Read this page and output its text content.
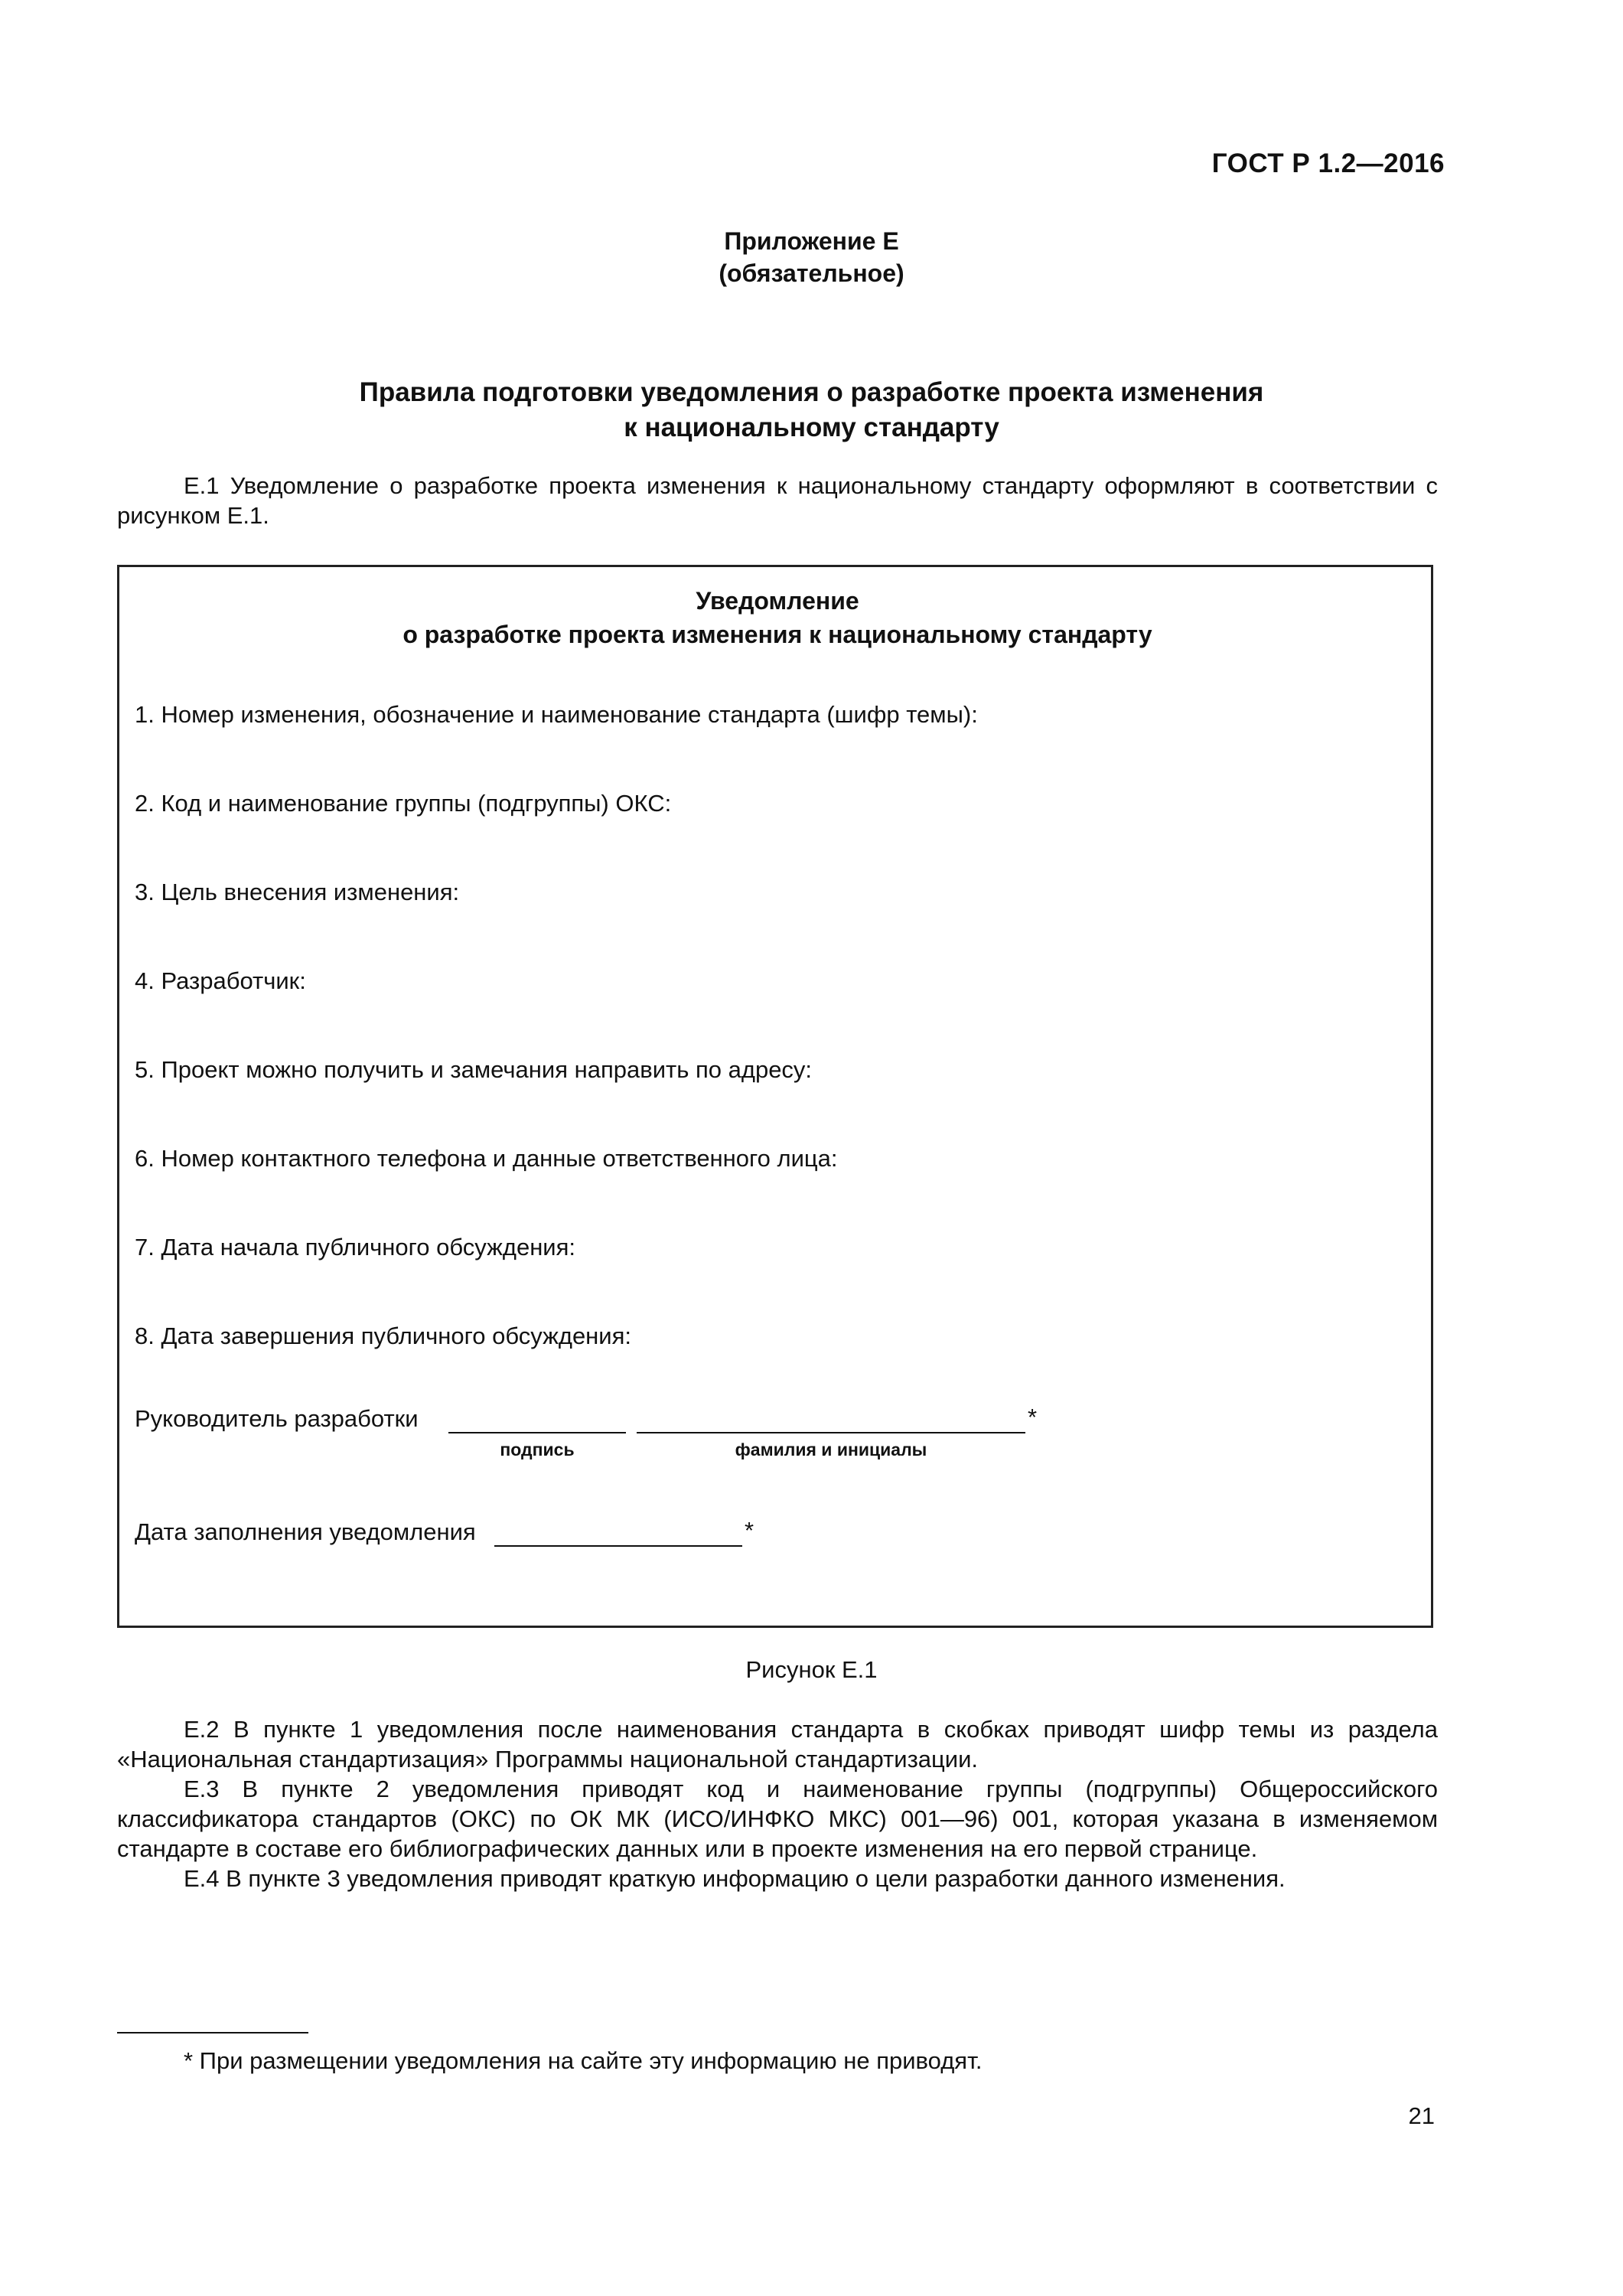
ГОСТ Р 1.2—2016
Приложение Е
(обязательное)
Правила подготовки уведомления о разработке проекта изменения
к национальному стандарту
Е.1 Уведомление о разработке проекта изменения к национальному стандарту оформляют в соответствии с рисунком Е.1.
Уведомление
о разработке проекта изменения к национальному стандарту
1. Номер изменения, обозначение и наименование стандарта (шифр темы):
2. Код и наименование группы (подгруппы) ОКС:
3. Цель внесения изменения:
4. Разработчик:
5. Проект можно получить и замечания направить по адресу:
6. Номер контактного телефона и данные ответственного лица:
7. Дата начала публичного обсуждения:
8. Дата завершения публичного обсуждения:
Руководитель разработки	*
подпись	фамилия и инициалы
Дата заполнения уведомления	*
Рисунок Е.1
Е.2 В пункте 1 уведомления после наименования стандарта в скобках приводят шифр темы из раздела «Национальная стандартизация» Программы национальной стандартизации.
Е.3 В пункте 2 уведомления приводят код и наименование группы (подгруппы) Общероссийского классификатора стандартов (ОКС) по ОК МК (ИСО/ИНФКО МКС) 001—96) 001, которая указана в изменяемом стандарте в составе его библиографических данных или в проекте изменения на его первой странице.
Е.4 В пункте 3 уведомления приводят краткую информацию о цели разработки данного изменения.
* При размещении уведомления на сайте эту информацию не приводят.
21
